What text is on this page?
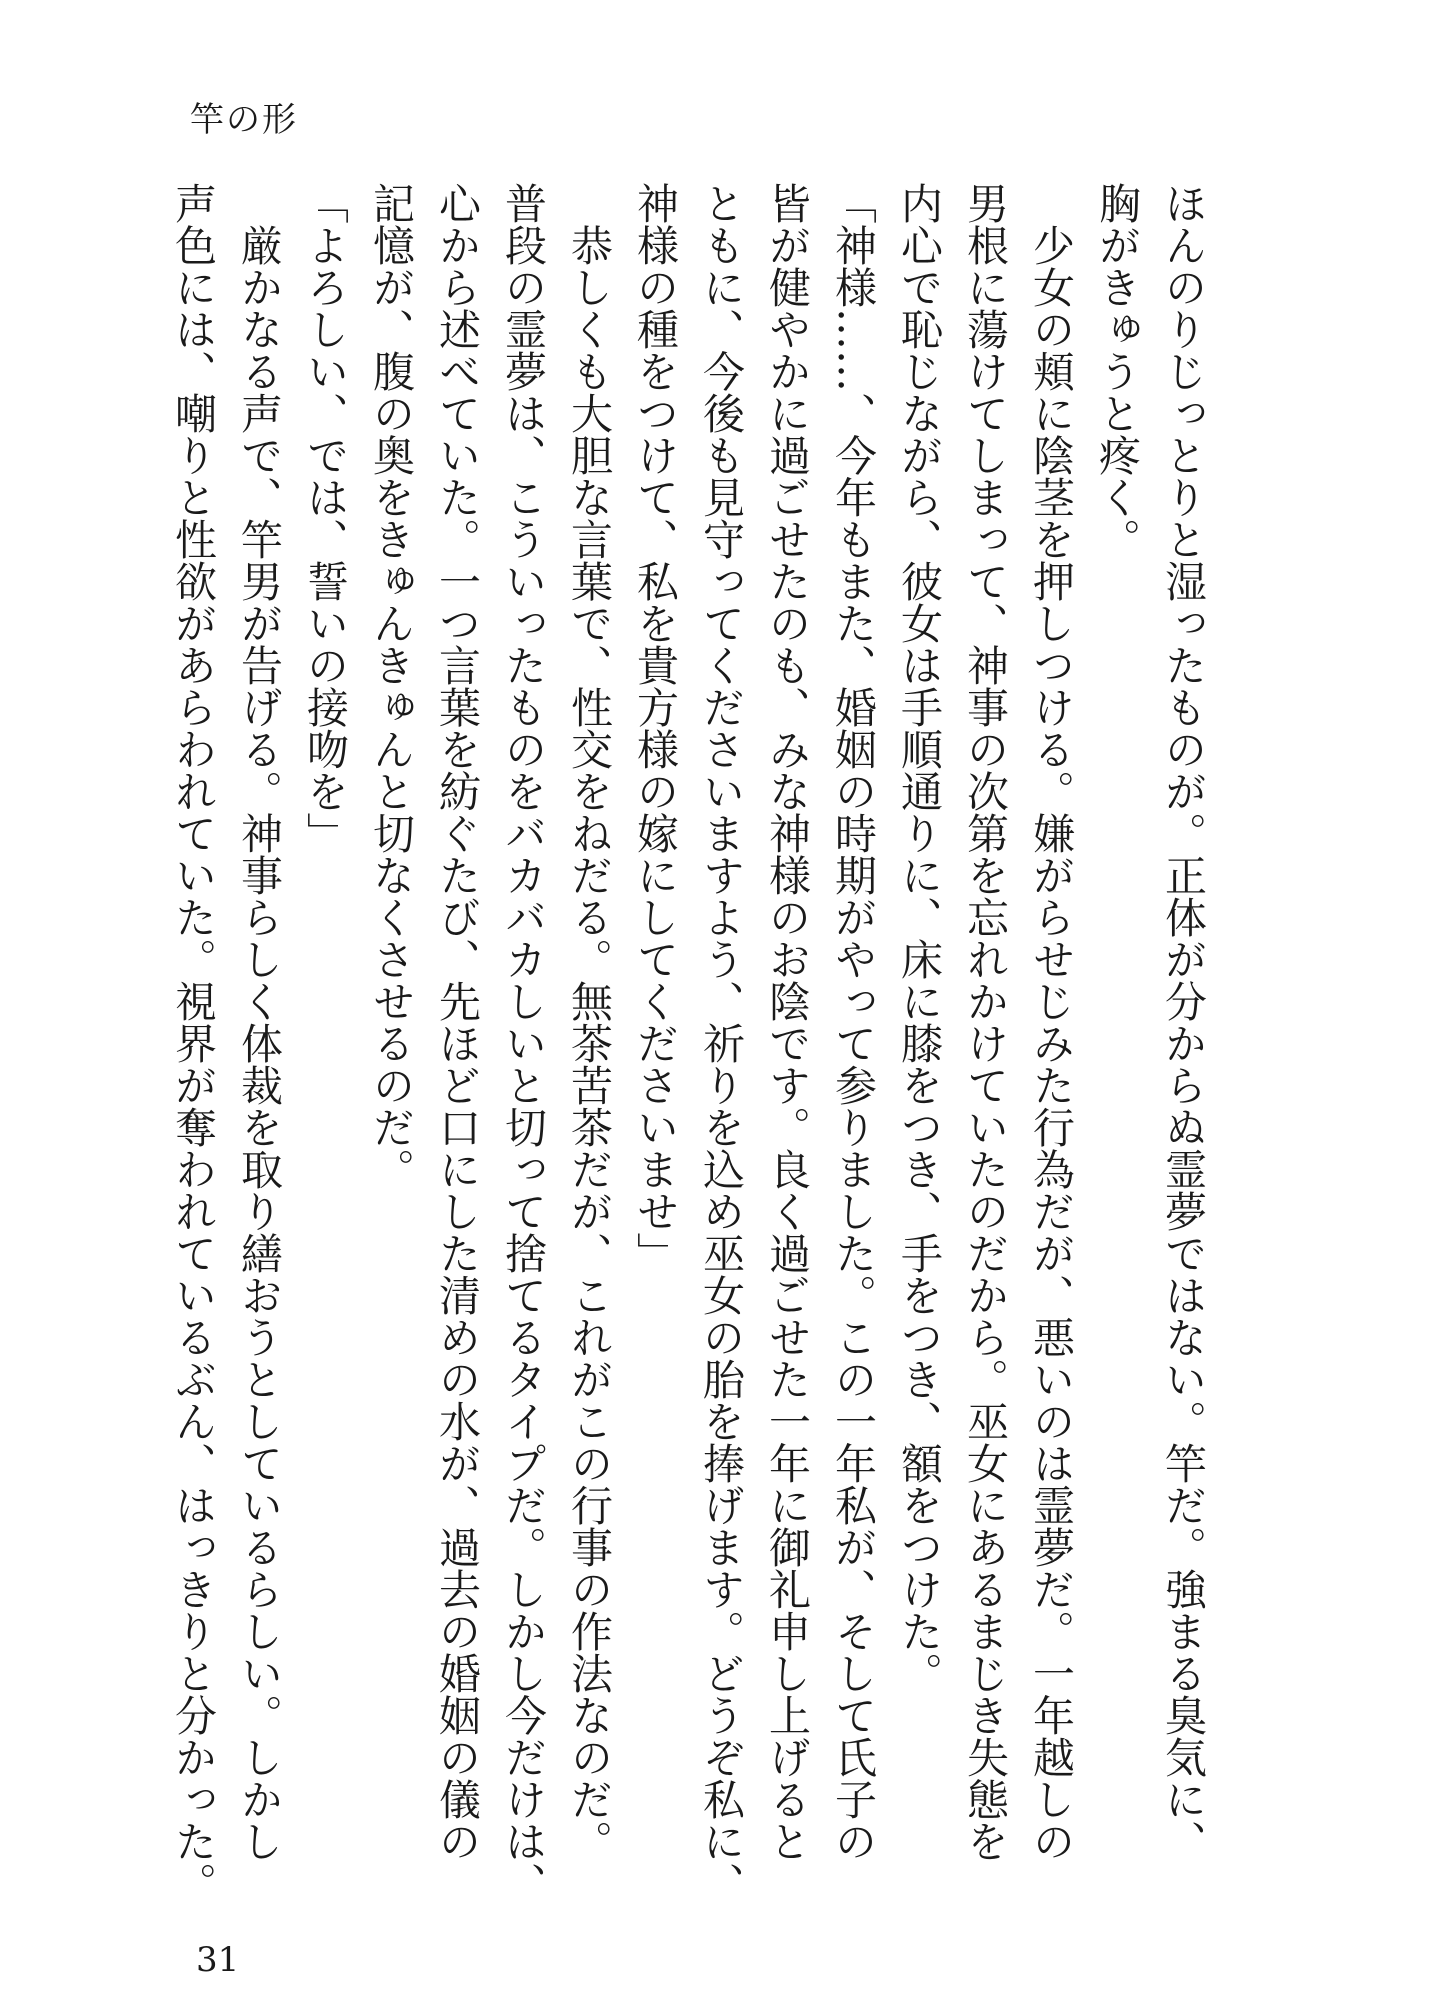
竿の形
ほんのりじっとりと湿ったものが。正体が分からぬ霊夢ではない。竿だ。強まる臭気に、
胸がきゅうと疼く。
　少女の頬に陰茎を押しつける。嫌がらせじみた行為だが、悪いのは霊夢だ。一年越しの
男根に蕩けてしまって、神事の次第を忘れかけていたのだから。巫女にあるまじき失態を
内心で恥じながら、彼女は手順通りに、床に膝をつき、手をつき、額をつけた。
「神様……、今年もまた、婚姻の時期がやって参りました。この一年私が、そして氏子の
皆が健やかに過ごせたのも、みな神様のお陰です。良く過ごせた一年に御礼申し上げると
ともに、今後も見守ってくださいますよう、祈りを込め巫女の胎を捧げます。どうぞ私に、
神様の種をつけて、私を貴方様の嫁にしてくださいませ」
　恭しくも大胆な言葉で、性交をねだる。無茶苦茶だが、これがこの行事の作法なのだ。
普段の霊夢は、こういったものをバカバカしいと切って捨てるタイプだ。しかし今だけは、
心から述べていた。一つ言葉を紡ぐたび、先ほど口にした清めの水が、過去の婚姻の儀の
記憶が、腹の奥をきゅんきゅんと切なくさせるのだ。
「よろしい、では、誓いの接吻を」
　厳かなる声で、竿男が告げる。神事らしく体裁を取り繕おうとしているらしい。しかし
声色には、嘲りと性欲があらわれていた。視界が奪われているぶん、はっきりと分かった。
31
